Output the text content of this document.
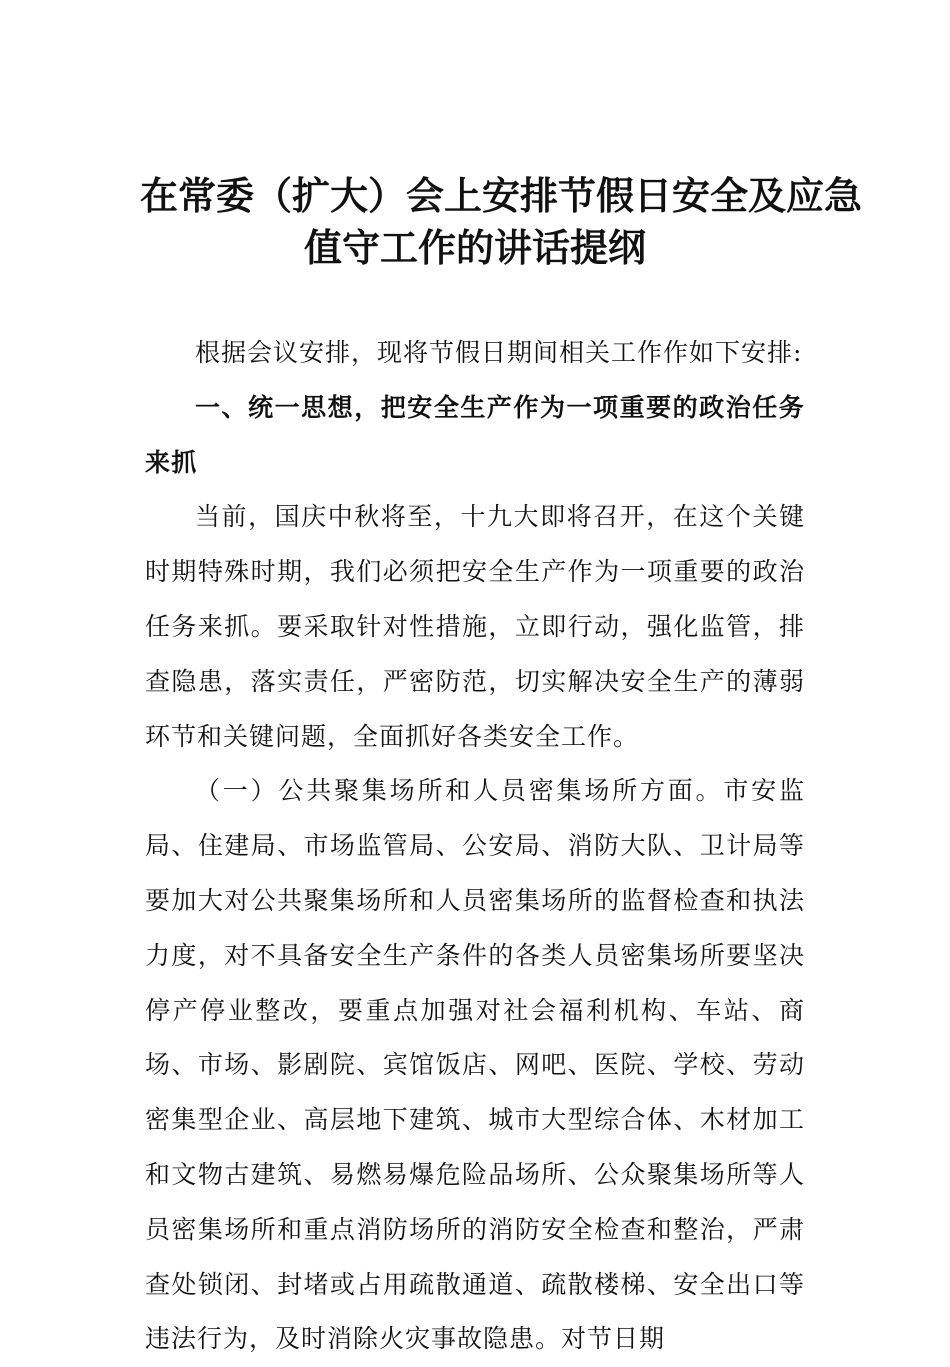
在常委（扩大）会上安排节假日安全及应急
值守工作的讲话提纲

根据会议安排，现将节假日期间相关工作作如下安排:

一、统一思想，把安全生产作为一项重要的政治任务来抓

当前，国庆中秋将至，十九大即将召开，在这个关键时期特殊时期，我们必须把安全生产作为一项重要的政治任务来抓。要采取针对性措施，立即行动，强化监管，排查隐患，落实责任，严密防范，切实解决安全生产的薄弱环节和关键问题，全面抓好各类安全工作。

（一）公共聚集场所和人员密集场所方面。市安监局、住建局、市场监管局、公安局、消防大队、卫计局等要加大对公共聚集场所和人员密集场所的监督检查和执法力度，对不具备安全生产条件的各类人员密集场所要坚决停产停业整改，要重点加强对社会福利机构、车站、商场、市场、影剧院、宾馆饭店、网吧、医院、学校、劳动密集型企业、高层地下建筑、城市大型综合体、木材加工和文物古建筑、易燃易爆危险品场所、公众聚集场所等人员密集场所和重点消防场所的消防安全检查和整治，严肃查处锁闭、封堵或占用疏散通道、疏散楼梯、安全出口等违法行为，及时消除火灾事故隐患。对节日期
